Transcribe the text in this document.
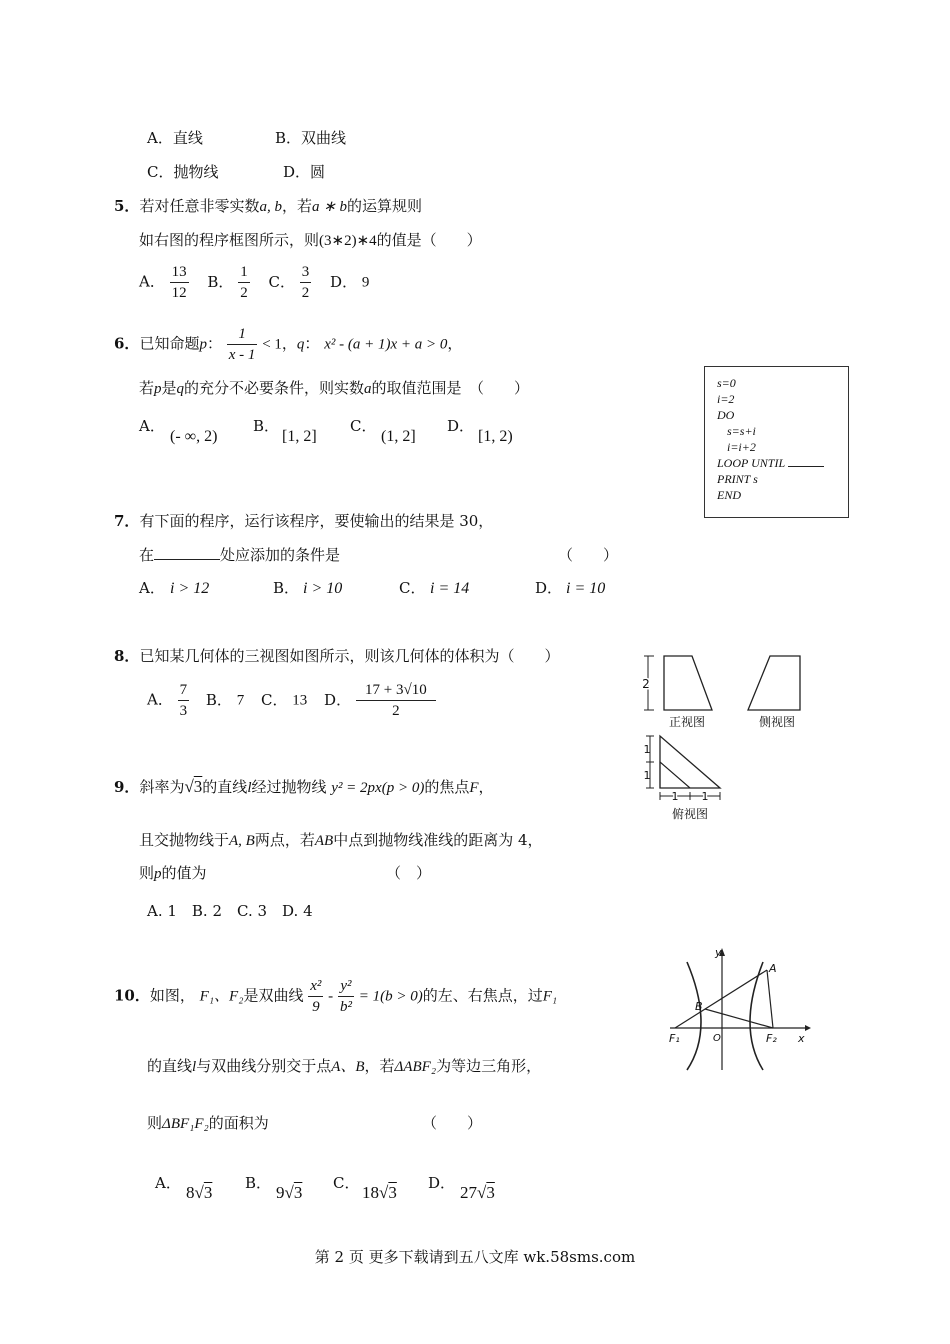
A．直线	B．双曲线
C．抛物线	D．圆
5．若对任意非零实数a, b，若a ∗ b的运算规则
如右图的程序框图所示，则(3∗2)∗4的值是（　　）
A． $\frac{13}{12}$ B． $\frac{1}{2}$ C． $\frac{3}{2}$ D． 9
6．已知命题p： $\frac{1}{x - 1} < 1$，q： x² - (a + 1)x + a > 0，
若p是q的充分不必要条件，则实数a的取值范围是　（　　）
A．
(- ∞, 2)
B．
[1, 2]
C．
(1, 2]
D．
[1, 2)
s=0
i=2
DO
s=s+i
i=i+2
LOOP UNTIL
PRINT s
END
7．有下面的程序，运行该程序，要使输出的结果是 30，
在	处应添加的条件是	（　　）
A． i > 12	B． i > 10	C． i = 14	D． i = 10
8．已知某几何体的三视图如图所示，则该几何体的体积为（　　）
A． $\frac{7}{3}$ B． 7 C． 13 D． $\frac{17 + 3√10}{2}$	2
正视图	侧视图
1
1
1 1
俯视图
9．斜率为√3的直线l经过抛物线 y² = 2px(p > 0)的焦点F，
且交抛物线于A, B两点，若AB中点到抛物线准线的距离为 4，
则p的值为	（　）
A. 1　B. 2　C. 3　D. 4
10．如图， F₁、F₂是双曲线 $\frac{\text{x²}}{9} - \frac{\text{y²}}{\text{b²}} = 1(b > 0)$的左、右焦点，过F₁
的直线l与双曲线分别交于点A、B，若ΔABF₂为等边三角形，
则ΔBF₁F₂的面积为	（　　）
A． 8√3 B． 9√3 C． 18√3 D． 27√3
y
x
A
B
O
F₁	F₂
第 2 页 更多下载请到五八文库 wk.58sms.com
